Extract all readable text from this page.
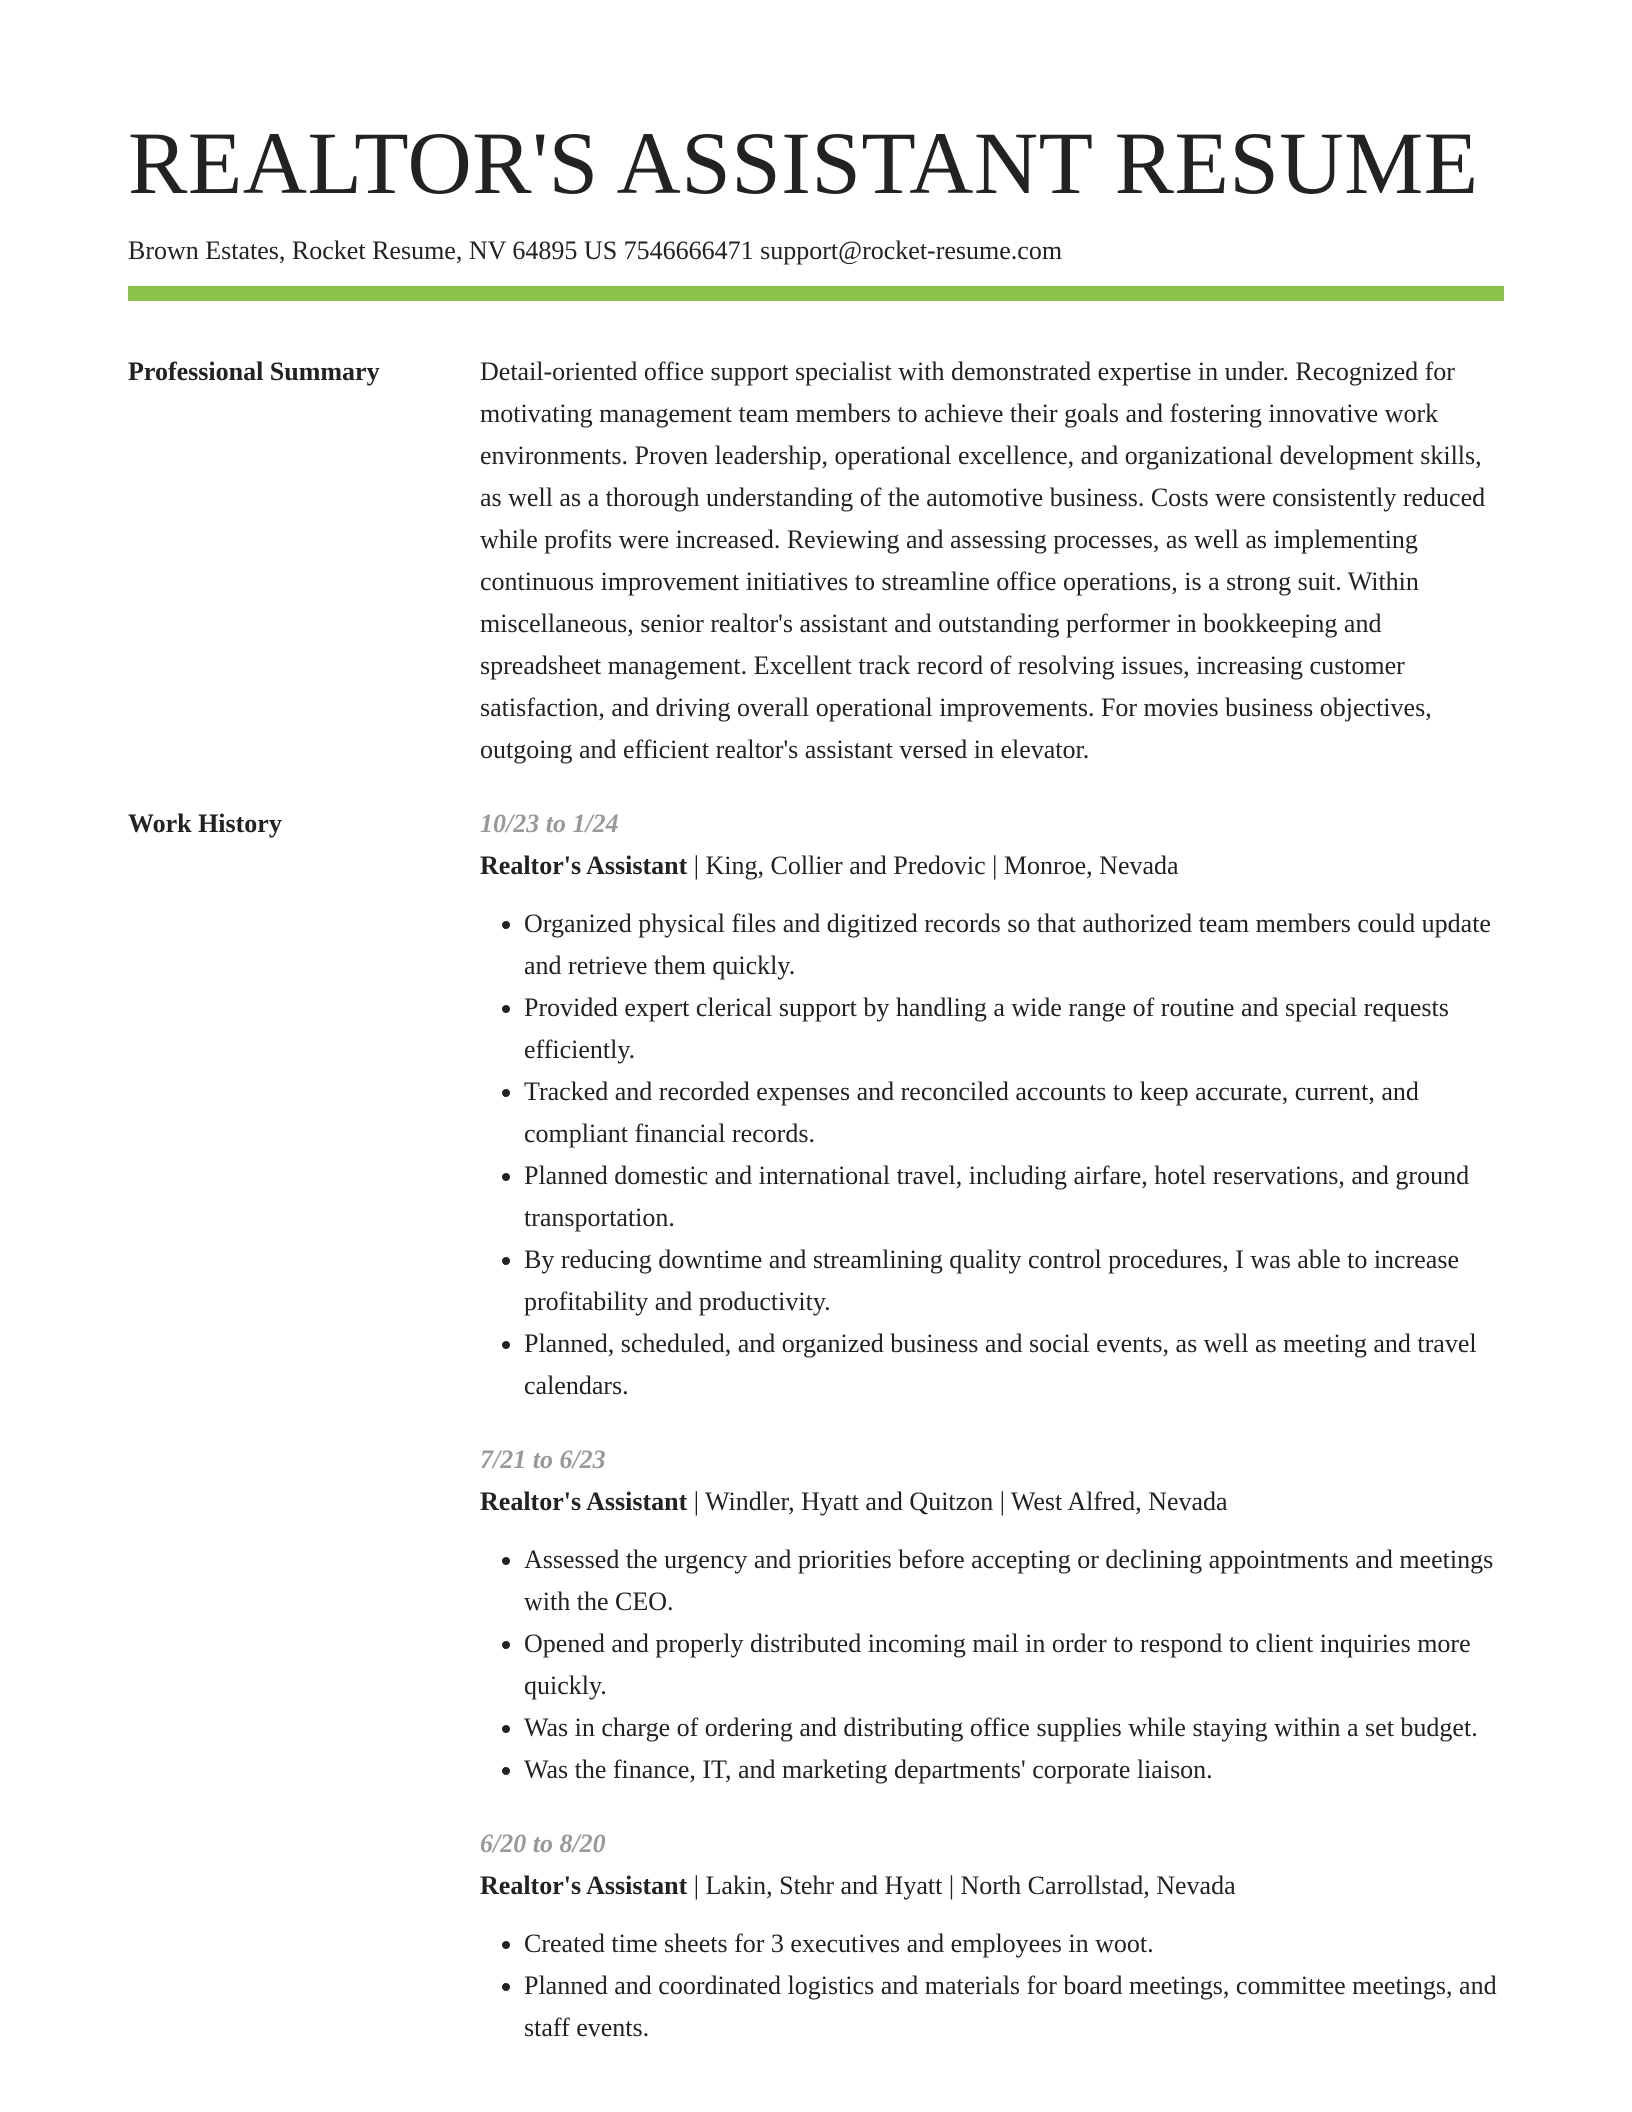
REALTOR'S ASSISTANT RESUME
Brown Estates, Rocket Resume, NV 64895 US 7546666471 support@rocket-resume.com
Professional Summary	Detail-oriented office support specialist with demonstrated expertise in under. Recognized for motivating management team members to achieve their goals and fostering innovative work environments. Proven leadership, operational excellence, and organizational development skills, as well as a thorough understanding of the automotive business. Costs were consistently reduced while profits were increased. Reviewing and assessing processes, as well as implementing continuous improvement initiatives to streamline office operations, is a strong suit. Within miscellaneous, senior realtor's assistant and outstanding performer in bookkeeping and spreadsheet management. Excellent track record of resolving issues, increasing customer satisfaction, and driving overall operational improvements. For movies business objectives, outgoing and efficient realtor's assistant versed in elevator.
Work History	10/23 to 1/24
Realtor's Assistant | King, Collier and Predovic | Monroe, Nevada
• Organized physical files and digitized records so that authorized team members could update and retrieve them quickly.
• Provided expert clerical support by handling a wide range of routine and special requests efficiently.
• Tracked and recorded expenses and reconciled accounts to keep accurate, current, and compliant financial records.
• Planned domestic and international travel, including airfare, hotel reservations, and ground transportation.
• By reducing downtime and streamlining quality control procedures, I was able to increase profitability and productivity.
• Planned, scheduled, and organized business and social events, as well as meeting and travel calendars.
7/21 to 6/23
Realtor's Assistant | Windler, Hyatt and Quitzon | West Alfred, Nevada
• Assessed the urgency and priorities before accepting or declining appointments and meetings with the CEO.
• Opened and properly distributed incoming mail in order to respond to client inquiries more quickly.
• Was in charge of ordering and distributing office supplies while staying within a set budget.
• Was the finance, IT, and marketing departments' corporate liaison.
6/20 to 8/20
Realtor's Assistant | Lakin, Stehr and Hyatt | North Carrollstad, Nevada
• Created time sheets for 3 executives and employees in woot.
• Planned and coordinated logistics and materials for board meetings, committee meetings, and staff events.
